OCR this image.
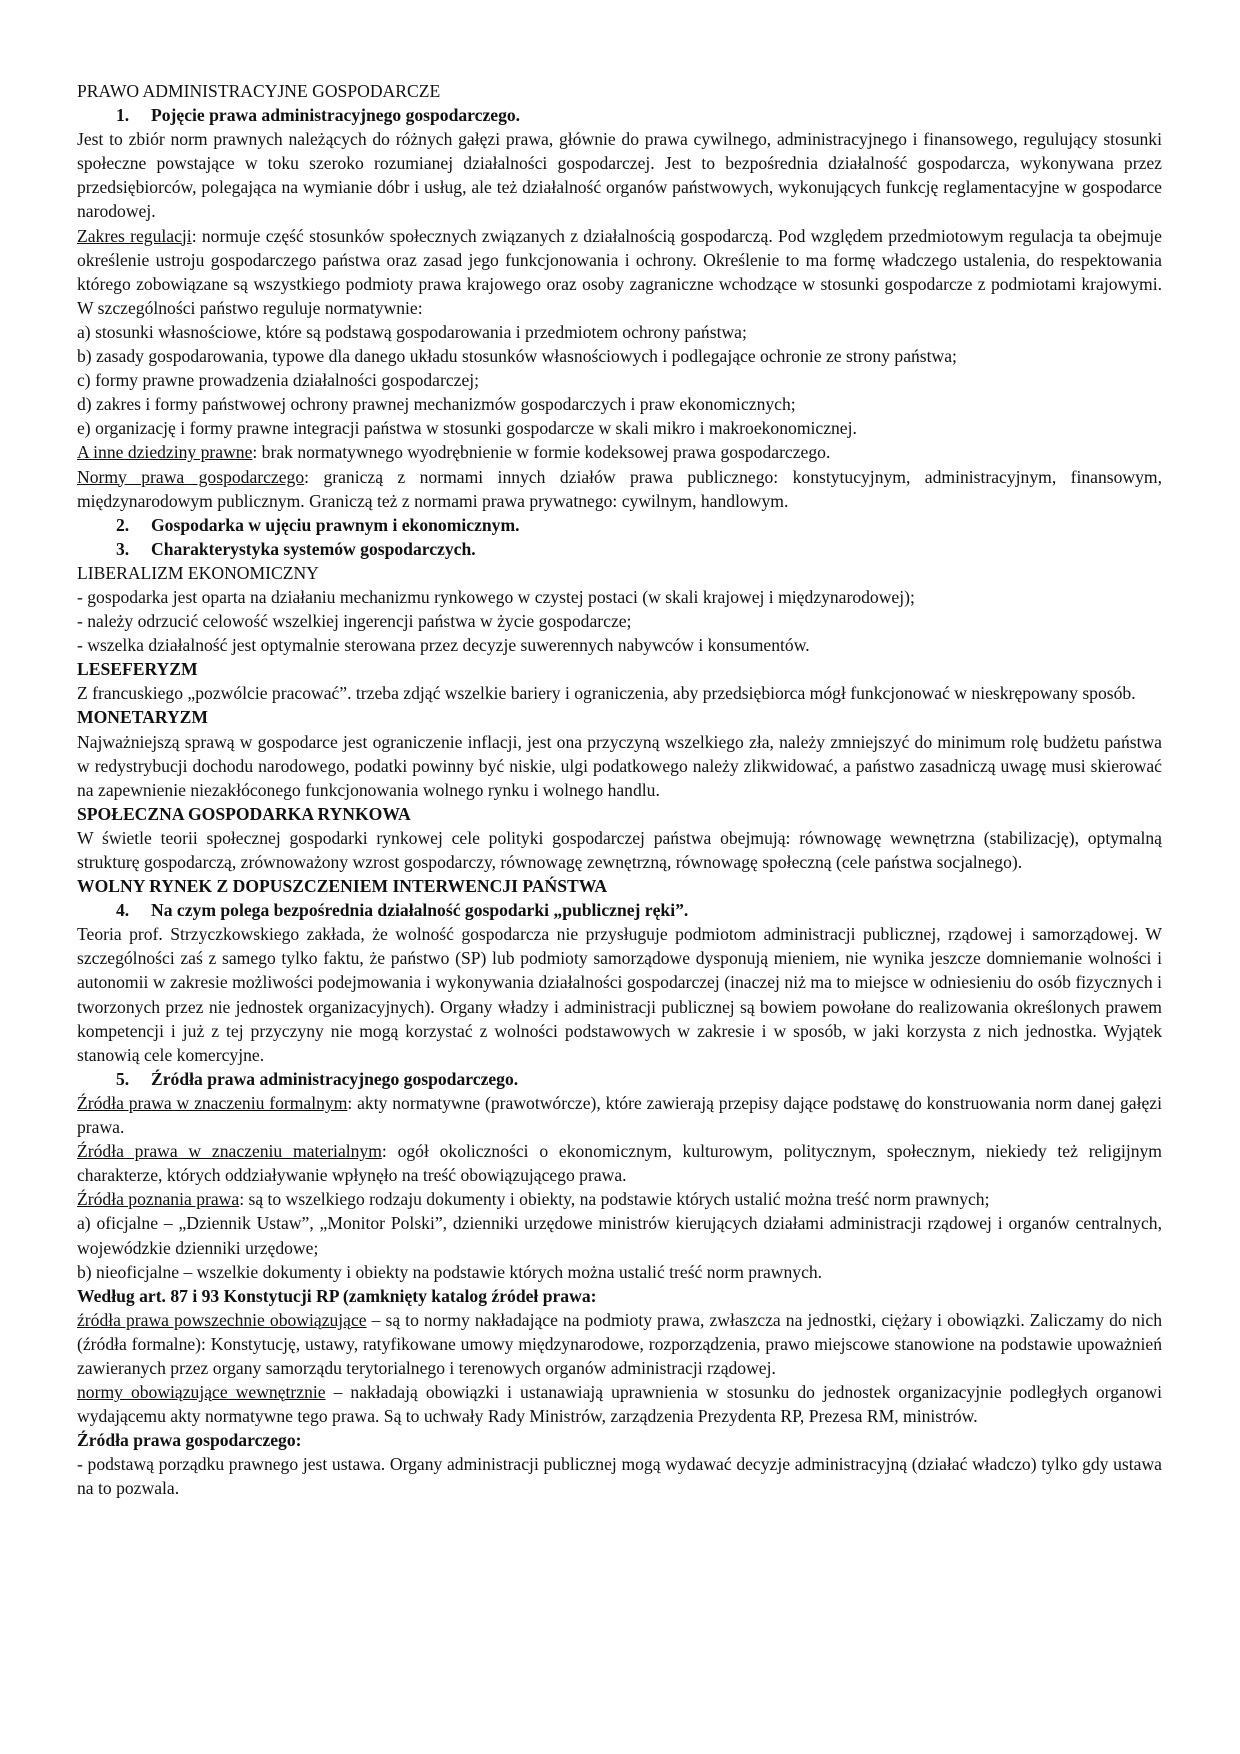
PRAWO ADMINISTRACYJNE GOSPODARCZE

1. Pojęcie prawa administracyjnego gospodarczego.

Jest to zbiór norm prawnych należących do różnych gałęzi prawa, głównie do prawa cywilnego, administracyjnego i finansowego, regulujący stosunki społeczne powstające w toku szeroko rozumianej działalności gospodarczej. Jest to bezpośrednia działalność gospodarcza, wykonywana przez przedsiębiorców, polegająca na wymianie dóbr i usług, ale też działalność organów państwowych, wykonujących funkcję reglamentacyjne w gospodarce narodowej.

Zakres regulacji: normuje część stosunków społecznych związanych z działalnością gospodarczą. Pod względem przedmiotowym regulacja ta obejmuje określenie ustroju gospodarczego państwa oraz zasad jego funkcjonowania i ochrony. Określenie to ma formę władczego ustalenia, do respektowania którego zobowiązane są wszystkiego podmioty prawa krajowego oraz osoby zagraniczne wchodzące w stosunki gospodarcze z podmiotami krajowymi. W szczególności państwo reguluje normatywnie:

a) stosunki własnościowe, które są podstawą gospodarowania i przedmiotem ochrony państwa;

b) zasady gospodarowania, typowe dla danego układu stosunków własnościowych i podlegające ochronie ze strony państwa;

c) formy prawne prowadzenia działalności gospodarczej;

d) zakres i formy państwowej ochrony prawnej mechanizmów gospodarczych i praw ekonomicznych;

e) organizację i formy prawne integracji państwa w stosunki gospodarcze w skali mikro i makroekonomicznej.

A inne dziedziny prawne: brak normatywnego wyodrębnienie w formie kodeksowej prawa gospodarczego.

Normy prawa gospodarczego: graniczą z normami innych działów prawa publicznego: konstytucyjnym, administracyjnym, finansowym, międzynarodowym publicznym. Graniczą też z normami prawa prywatnego: cywilnym, handlowym.

2. Gospodarka w ujęciu prawnym i ekonomicznym.

3. Charakterystyka systemów gospodarczych.

LIBERALIZM EKONOMICZNY

- gospodarka jest oparta na działaniu mechanizmu rynkowego w czystej postaci (w skali krajowej i międzynarodowej);

- należy odrzucić celowość wszelkiej ingerencji państwa w życie gospodarcze;

- wszelka działalność jest optymalnie sterowana przez decyzje suwerennych nabywców i konsumentów.

LESEFERYZM

Z francuskiego „pozwólcie pracować”. trzeba zdjąć wszelkie bariery i ograniczenia, aby przedsiębiorca mógł funkcjonować w nieskrępowany sposób.

MONETARYZM

Najważniejszą sprawą w gospodarce jest ograniczenie inflacji, jest ona przyczyną wszelkiego zła, należy zmniejszyć do minimum rolę budżetu państwa w redystrybucji dochodu narodowego, podatki powinny być niskie, ulgi podatkowego należy zlikwidować, a państwo zasadniczą uwagę musi skierować na zapewnienie niezakłóconego funkcjonowania wolnego rynku i wolnego handlu.

SPOŁECZNA GOSPODARKA RYNKOWA

W świetle teorii społecznej gospodarki rynkowej cele polityki gospodarczej państwa obejmują: równowagę wewnętrzna (stabilizację), optymalną strukturę gospodarczą, zrównoważony wzrost gospodarczy, równowagę zewnętrzną, równowagę społeczną (cele państwa socjalnego).

WOLNY RYNEK Z DOPUSZCZENIEM INTERWENCJI PAŃSTWA

4. Na czym polega bezpośrednia działalność gospodarki „publicznej ręki”.

Teoria prof. Strzyczkowskiego zakłada, że wolność gospodarcza nie przysługuje podmiotom administracji publicznej, rządowej i samorządowej. W szczególności zaś z samego tylko faktu, że państwo (SP) lub podmioty samorządowe dysponują mieniem, nie wynika jeszcze domniemanie wolności i autonomii w zakresie możliwości podejmowania i wykonywania działalności gospodarczej (inaczej niż ma to miejsce w odniesieniu do osób fizycznych i tworzonych przez nie jednostek organizacyjnych). Organy władzy i administracji publicznej są bowiem powołane do realizowania określonych prawem kompetencji i już z tej przyczyny nie mogą korzystać z wolności podstawowych w zakresie i w sposób, w jaki korzysta z nich jednostka. Wyjątek stanowią cele komercyjne.

5. Źródła prawa administracyjnego gospodarczego.

Źródła prawa w znaczeniu formalnym: akty normatywne (prawotwórcze), które zawierają przepisy dające podstawę do konstruowania norm danej gałęzi prawa.

Źródła prawa w znaczeniu materialnym: ogół okoliczności o ekonomicznym, kulturowym, politycznym, społecznym, niekiedy też religijnym charakterze, których oddziaływanie wpłynęło na treść obowiązującego prawa.

Źródła poznania prawa: są to wszelkiego rodzaju dokumenty i obiekty, na podstawie których ustalić można treść norm prawnych;

a) oficjalne – „Dziennik Ustaw”, „Monitor Polski”, dzienniki urzędowe ministrów kierujących działami administracji rządowej i organów centralnych, wojewódzkie dzienniki urzędowe;

b) nieoficjalne – wszelkie dokumenty i obiekty na podstawie których można ustalić treść norm prawnych.

Według art. 87 i 93 Konstytucji RP (zamknięty katalog źródeł prawa:

źródła prawa powszechnie obowiązujące – są to normy nakładające na podmioty prawa, zwłaszcza na jednostki, ciężary i obowiązki. Zaliczamy do nich (źródła formalne): Konstytucję, ustawy, ratyfikowane umowy międzynarodowe, rozporządzenia, prawo miejscowe stanowione na podstawie upoważnień zawieranych przez organy samorządu terytorialnego i terenowych organów administracji rządowej.

normy obowiązujące wewnętrznie – nakładają obowiązki i ustanawiają uprawnienia w stosunku do jednostek organizacyjnie podległych organowi wydającemu akty normatywne tego prawa. Są to uchwały Rady Ministrów, zarządzenia Prezydenta RP, Prezesa RM, ministrów.

Źródła prawa gospodarczego:

- podstawą porządku prawnego jest ustawa. Organy administracji publicznej mogą wydawać decyzje administracyjną (działać władczo) tylko gdy ustawa na to pozwala.
